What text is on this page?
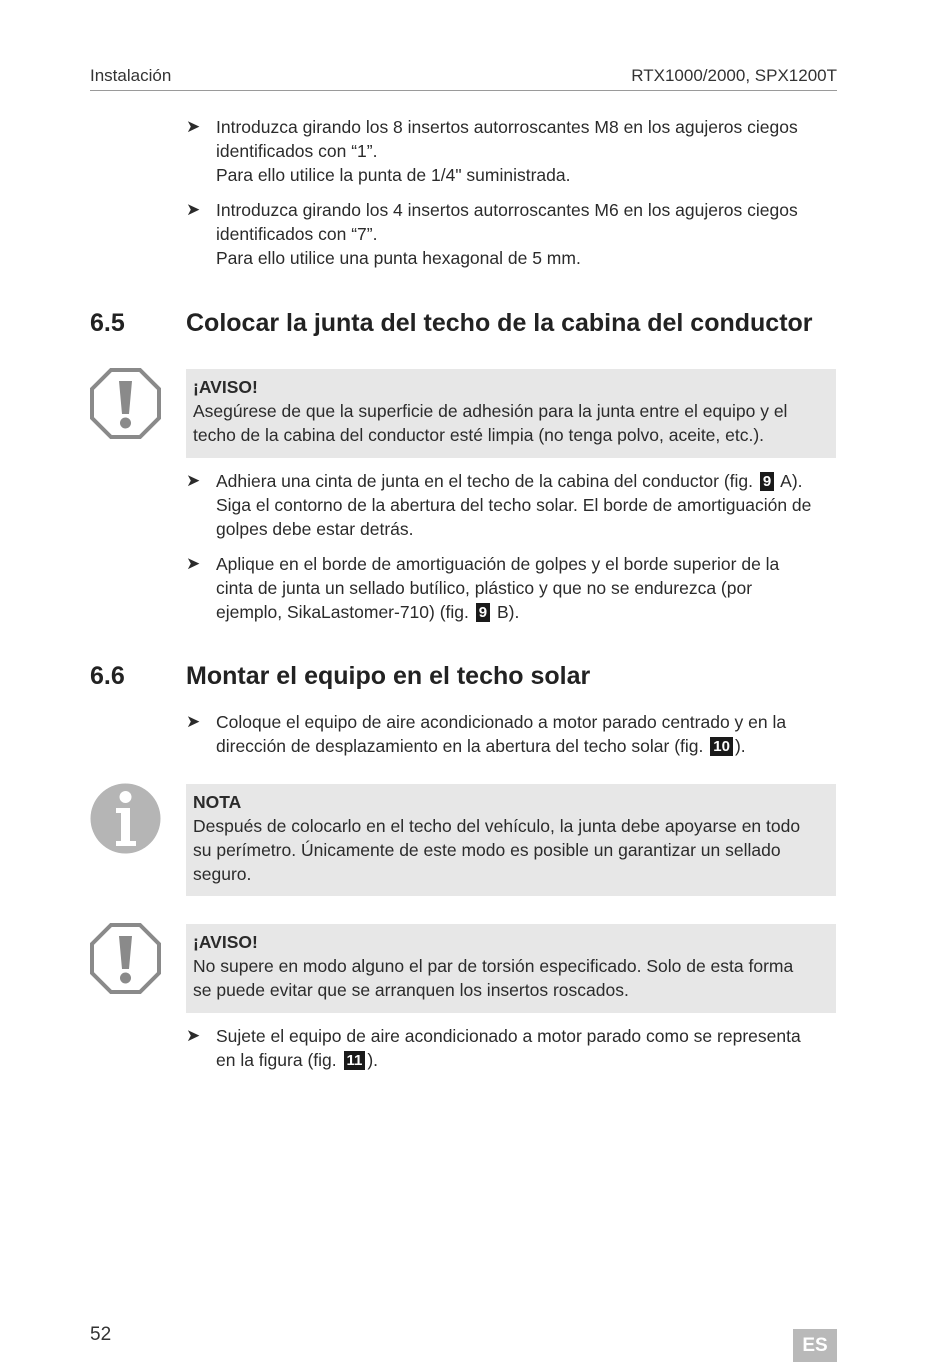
Instalación	RTX1000/2000, SPX1200T
➤ Introduzca girando los 8 insertos autorroscantes M8 en los agujeros ciegos
identificados con “1”.
Para ello utilice la punta de 1/4" suministrada.
➤ Introduzca girando los 4 insertos autorroscantes M6 en los agujeros ciegos
identificados con “7”.
Para ello utilice una punta hexagonal de 5 mm.
6.5 Colocar la junta del techo de la cabina del conductor
¡AVISO!
Asegúrese de que la superficie de adhesión para la junta entre el equipo y el
techo de la cabina del conductor esté limpia (no tenga polvo, aceite, etc.).
➤ Adhiera una cinta de junta en el techo de la cabina del conductor (fig. 9 A).
Siga el contorno de la abertura del techo solar. El borde de amortiguación de
golpes debe estar detrás.
➤ Aplique en el borde de amortiguación de golpes y el borde superior de la
cinta de junta un sellado butílico, plástico y que no se endurezca (por
ejemplo, SikaLastomer-710) (fig. 9 B).
6.6 Montar el equipo en el techo solar
➤ Coloque el equipo de aire acondicionado a motor parado centrado y en la
dirección de desplazamiento en la abertura del techo solar (fig. 10 ).
NOTA
Después de colocarlo en el techo del vehículo, la junta debe apoyarse en todo
su perímetro. Únicamente de este modo es posible un garantizar un sellado
seguro.
¡AVISO!
No supere en modo alguno el par de torsión especificado. Solo de esta forma
se puede evitar que se arranquen los insertos roscados.
➤ Sujete el equipo de aire acondicionado a motor parado como se representa
en la figura (fig. 11 ).
52
ES
